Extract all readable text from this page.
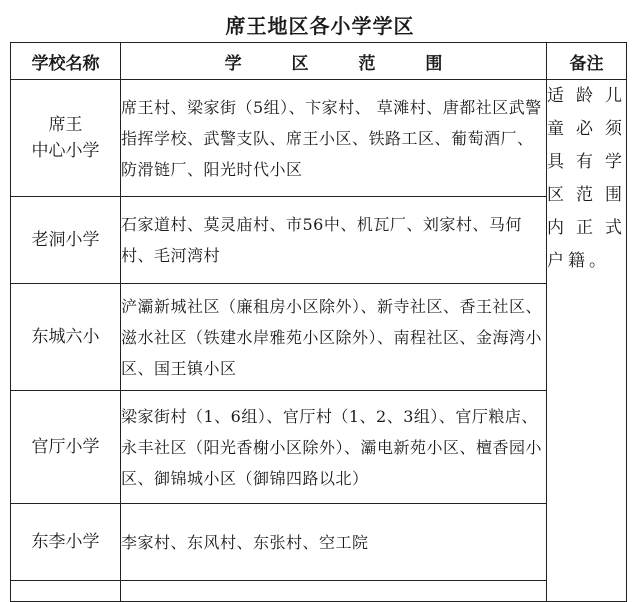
席王地区各小学学区
学校名称	学 区 范 围	备注

席王
中心小学	席王村、梁家街（5组）、卞家村、 草滩村、唐都社区武警指挥学校、武警支队、席王小区、铁路工区、葡萄酒厂、 防滑链厂、阳光时代小区	适龄儿童必须具有学区范围内正式户籍。
老洞小学	石家道村、莫灵庙村、市56中、机瓦厂、刘家村、马何村、毛河湾村	
东城六小	浐灞新城社区（廉租房小区除外）、新寺社区、香王社区、滋水社区（铁建水岸雅苑小区除外）、南程社区、金海湾小区、国王镇小区	
官厅小学	梁家街村（1、6组）、官厅村（1、2、3组）、官厅粮店、永丰社区（阳光香榭小区除外）、灞电新苑小区、檀香园小区、御锦城小区（御锦四路以北）	
东李小学	李家村、东风村、东张村、空工院	
